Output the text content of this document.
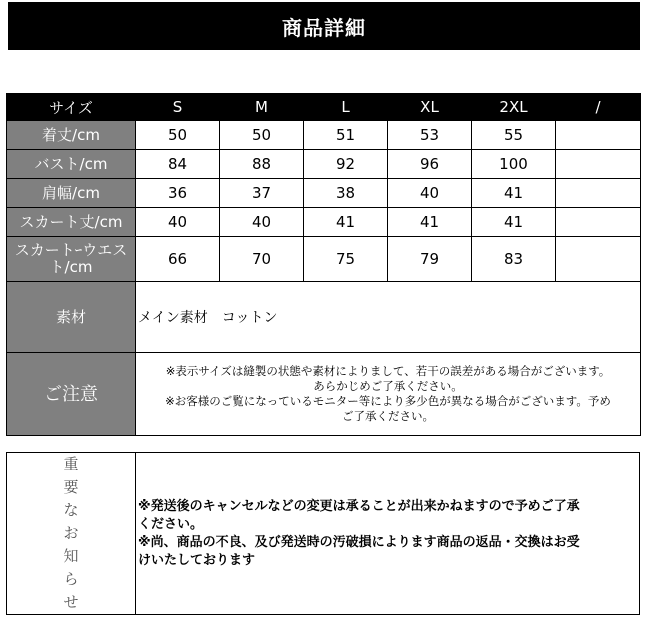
商品詳細
サイズ	S	M	L	XL	2XL	/
着丈/cm	50	50	51	53	55	
バスト/cm	84	88	92	96	100	
肩幅/cm	36	37	38	40	41	
スカート丈/cm	40	40	41	41	41	

スカートｰウエス
ト/cm	66	70	75	79	83	
素材	メイン素材　コットン					
ご注意	※表示サイズは縫製の状態や素材によりまして、若干の誤差がある場合がございます。
あらかじめご了承ください。
※お客様のご覧になっているモニター等により多少色が異なる場合がございます。予め
ご了承ください。					
重
要
な
お
知
ら
せ

※発送後のキャンセルなどの変更は承ることが出来かねますので予めご了承
ください。
※尚、商品の不良、及び発送時の汚破損によります商品の返品・交換はお受
けいたしております
